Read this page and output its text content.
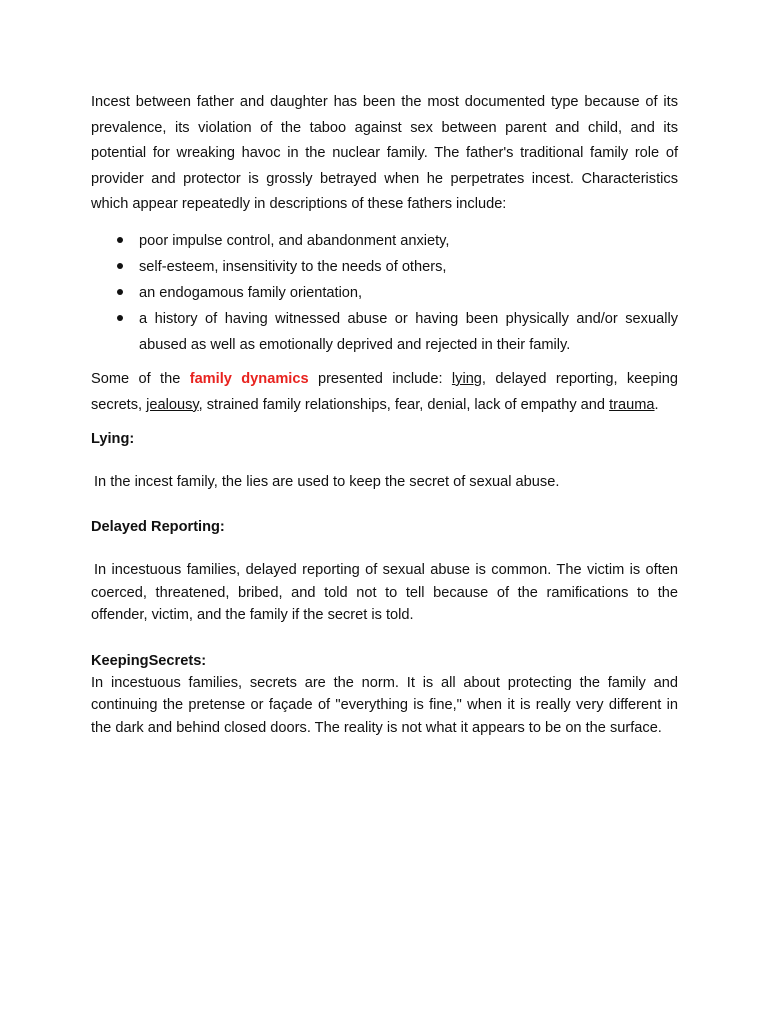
Incest between father and daughter has been the most documented type because of its prevalence, its violation of the taboo against sex between parent and child, and its potential for wreaking havoc in the nuclear family. The father's traditional family role of provider and protector is grossly betrayed when he perpetrates incest. Characteristics which appear repeatedly in descriptions of these fathers include:

poor impulse control, and abandonment anxiety,
self-esteem, insensitivity to the needs of others,
an endogamous family orientation,
a history of having witnessed abuse or having been physically and/or sexually abused as well as emotionally deprived and rejected in their family.

Some of the family dynamics presented include: lying, delayed reporting, keeping secrets, jealousy, strained family relationships, fear, denial, lack of empathy and trauma.

Lying:

In the incest family, the lies are used to keep the secret of sexual abuse.

Delayed Reporting:

In incestuous families, delayed reporting of sexual abuse is common. The victim is often coerced, threatened, bribed, and told not to tell because of the ramifications to the offender, victim, and the family if the secret is told.

KeepingSecrets:

In incestuous families, secrets are the norm. It is all about protecting the family and continuing the pretense or façade of "everything is fine," when it is really very different in the dark and behind closed doors. The reality is not what it appears to be on the surface.
